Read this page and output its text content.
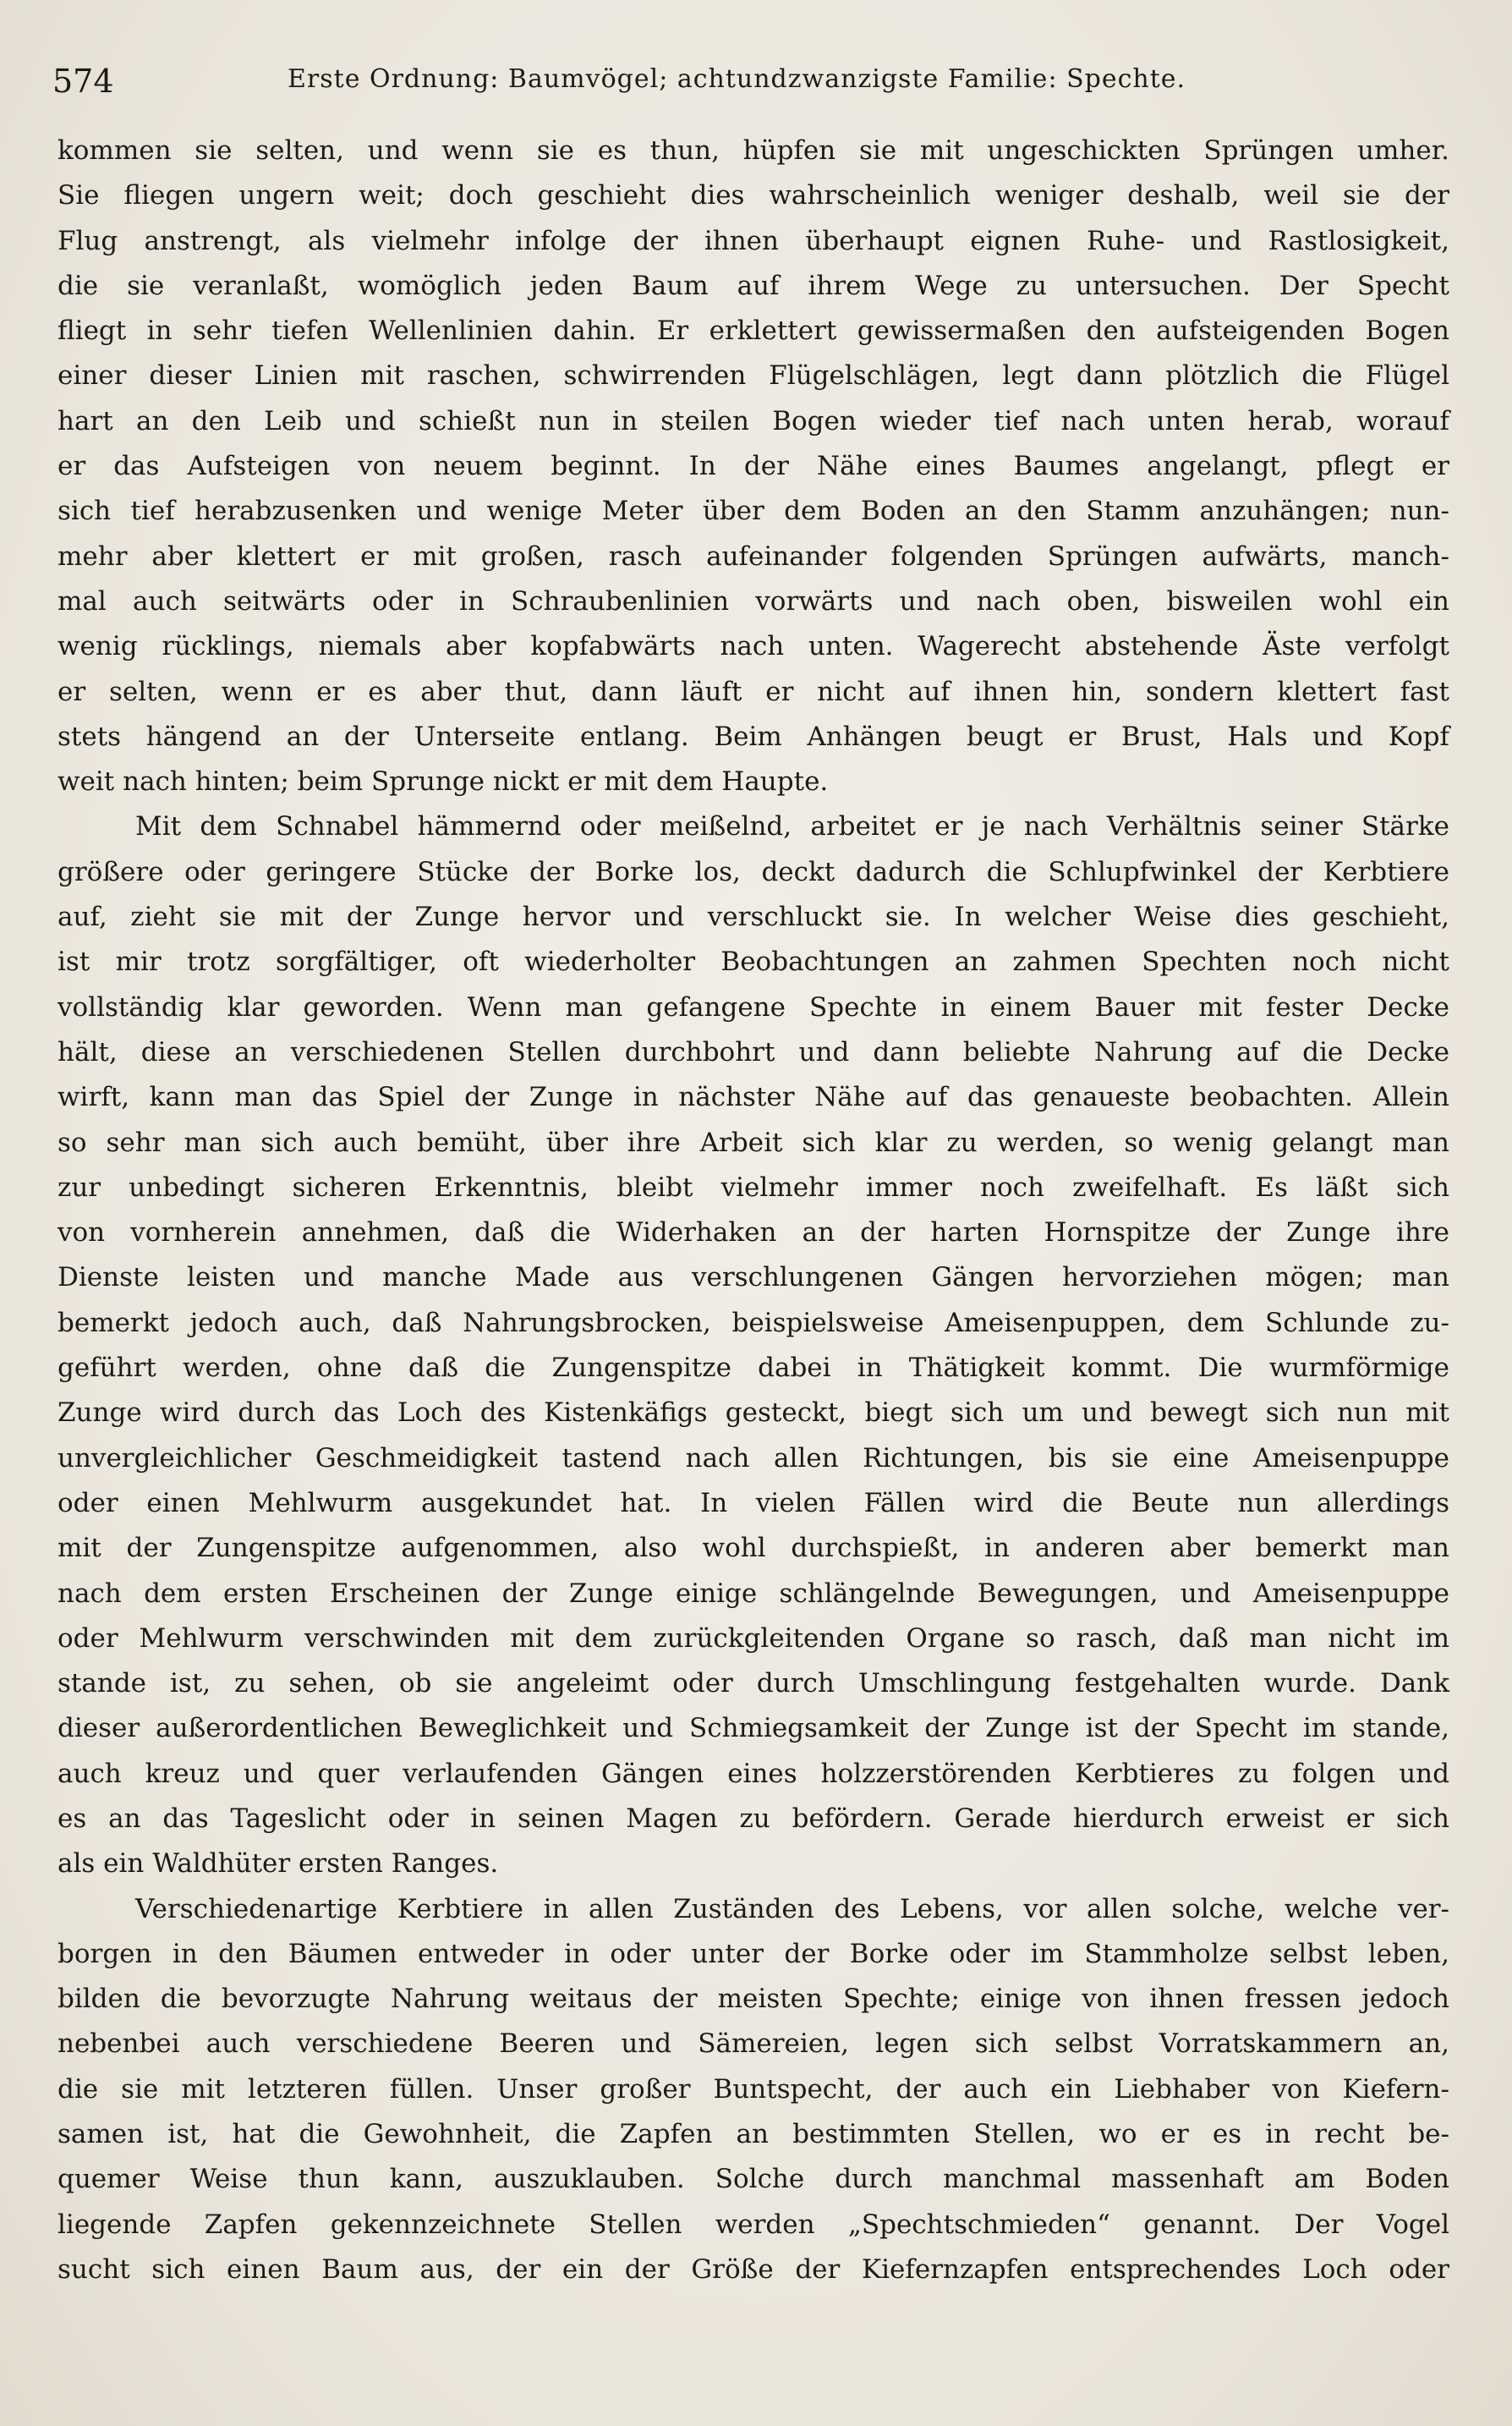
574	Erste Ordnung: Baumvögel; achtundzwanzigste Familie: Spechte.
kommen sie selten, und wenn sie es thun, hüpfen sie mit ungeschickten Sprüngen umher.
Sie fliegen ungern weit; doch geschieht dies wahrscheinlich weniger deshalb, weil sie der
Flug anstrengt, als vielmehr infolge der ihnen überhaupt eignen Ruhe- und Rastlosigkeit,
die sie veranlaßt, womöglich jeden Baum auf ihrem Wege zu untersuchen. Der Specht
fliegt in sehr tiefen Wellenlinien dahin. Er erklettert gewissermaßen den aufsteigenden Bogen
einer dieser Linien mit raschen, schwirrenden Flügelschlägen, legt dann plötzlich die Flügel
hart an den Leib und schießt nun in steilen Bogen wieder tief nach unten herab, worauf
er das Aufsteigen von neuem beginnt. In der Nähe eines Baumes angelangt, pflegt er
sich tief herabzusenken und wenige Meter über dem Boden an den Stamm anzuhängen; nun-
mehr aber klettert er mit großen, rasch aufeinander folgenden Sprüngen aufwärts, manch-
mal auch seitwärts oder in Schraubenlinien vorwärts und nach oben, bisweilen wohl ein
wenig rücklings, niemals aber kopfabwärts nach unten. Wagerecht abstehende Äste verfolgt
er selten, wenn er es aber thut, dann läuft er nicht auf ihnen hin, sondern klettert fast
stets hängend an der Unterseite entlang. Beim Anhängen beugt er Brust, Hals und Kopf
weit nach hinten; beim Sprunge nickt er mit dem Haupte.
Mit dem Schnabel hämmernd oder meißelnd, arbeitet er je nach Verhältnis seiner Stärke
größere oder geringere Stücke der Borke los, deckt dadurch die Schlupfwinkel der Kerbtiere
auf, zieht sie mit der Zunge hervor und verschluckt sie. In welcher Weise dies geschieht,
ist mir trotz sorgfältiger, oft wiederholter Beobachtungen an zahmen Spechten noch nicht
vollständig klar geworden. Wenn man gefangene Spechte in einem Bauer mit fester Decke
hält, diese an verschiedenen Stellen durchbohrt und dann beliebte Nahrung auf die Decke
wirft, kann man das Spiel der Zunge in nächster Nähe auf das genaueste beobachten. Allein
so sehr man sich auch bemüht, über ihre Arbeit sich klar zu werden, so wenig gelangt man
zur unbedingt sicheren Erkenntnis, bleibt vielmehr immer noch zweifelhaft. Es läßt sich
von vornherein annehmen, daß die Widerhaken an der harten Hornspitze der Zunge ihre
Dienste leisten und manche Made aus verschlungenen Gängen hervorziehen mögen; man
bemerkt jedoch auch, daß Nahrungsbrocken, beispielsweise Ameisenpuppen, dem Schlunde zu-
geführt werden, ohne daß die Zungenspitze dabei in Thätigkeit kommt. Die wurmförmige
Zunge wird durch das Loch des Kistenkäfigs gesteckt, biegt sich um und bewegt sich nun mit
unvergleichlicher Geschmeidigkeit tastend nach allen Richtungen, bis sie eine Ameisenpuppe
oder einen Mehlwurm ausgekundet hat. In vielen Fällen wird die Beute nun allerdings
mit der Zungenspitze aufgenommen, also wohl durchspießt, in anderen aber bemerkt man
nach dem ersten Erscheinen der Zunge einige schlängelnde Bewegungen, und Ameisenpuppe
oder Mehlwurm verschwinden mit dem zurückgleitenden Organe so rasch, daß man nicht im
stande ist, zu sehen, ob sie angeleimt oder durch Umschlingung festgehalten wurde. Dank
dieser außerordentlichen Beweglichkeit und Schmiegsamkeit der Zunge ist der Specht im stande,
auch kreuz und quer verlaufenden Gängen eines holzzerstörenden Kerbtieres zu folgen und
es an das Tageslicht oder in seinen Magen zu befördern. Gerade hierdurch erweist er sich
als ein Waldhüter ersten Ranges.
Verschiedenartige Kerbtiere in allen Zuständen des Lebens, vor allen solche, welche ver-
borgen in den Bäumen entweder in oder unter der Borke oder im Stammholze selbst leben,
bilden die bevorzugte Nahrung weitaus der meisten Spechte; einige von ihnen fressen jedoch
nebenbei auch verschiedene Beeren und Sämereien, legen sich selbst Vorratskammern an,
die sie mit letzteren füllen. Unser großer Buntspecht, der auch ein Liebhaber von Kiefern-
samen ist, hat die Gewohnheit, die Zapfen an bestimmten Stellen, wo er es in recht be-
quemer Weise thun kann, auszuklauben. Solche durch manchmal massenhaft am Boden
liegende Zapfen gekennzeichnete Stellen werden „Spechtschmieden“ genannt. Der Vogel
sucht sich einen Baum aus, der ein der Größe der Kiefernzapfen entsprechendes Loch oder
